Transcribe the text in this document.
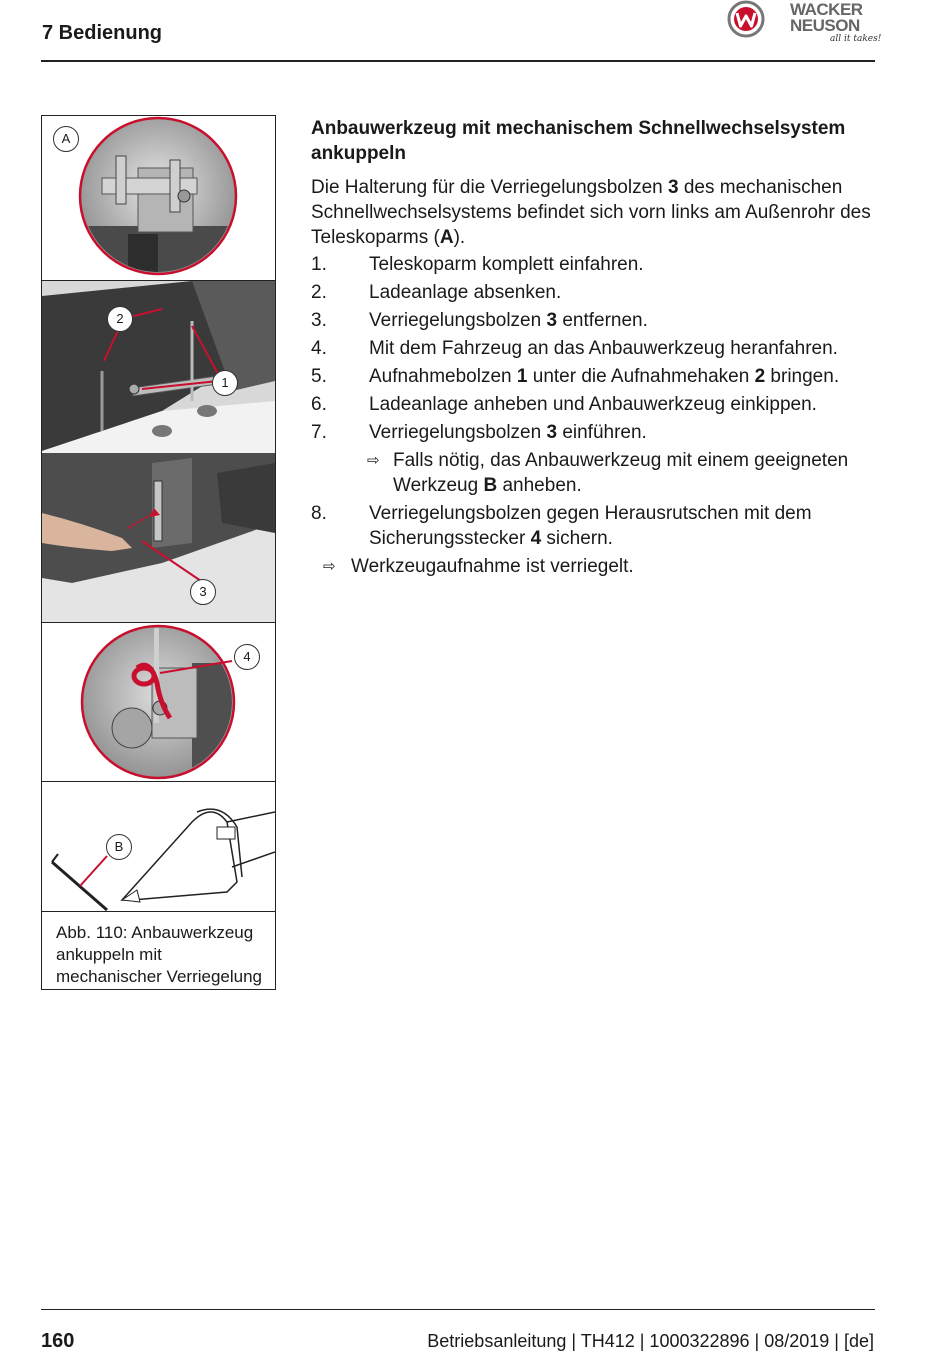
7 Bedienung
WACKER
NEUSON
all it takes!
A
2
1
3
4
B
Abb. 110: Anbauwerkzeug ankuppeln mit mechanischer Verriegelung
Anbauwerkzeug mit mechanischem Schnellwechselsystem ankuppeln

Die Halterung für die Verriegelungsbolzen 3 des mechanischen Schnellwechselsystems befindet sich vorn links am Außenrohr des Teleskoparms (A).

1. Teleskoparm komplett einfahren.
2. Ladeanlage absenken.
3. Verriegelungsbolzen 3 entfernen.
4. Mit dem Fahrzeug an das Anbauwerkzeug heranfahren.
5. Aufnahmebolzen 1 unter die Aufnahmehaken 2 bringen.
6. Ladeanlage anheben und Anbauwerkzeug einkippen.
7. Verriegelungsbolzen 3 einführen.
⇨ Falls nötig, das Anbauwerkzeug mit einem geeigneten Werkzeug B anheben.
8. Verriegelungsbolzen gegen Herausrutschen mit dem Sicherungsstecker 4 sichern.
⇨ Werkzeugaufnahme ist verriegelt.
160	Betriebsanleitung | TH412 | 1000322896 | 08/2019 | [de]
